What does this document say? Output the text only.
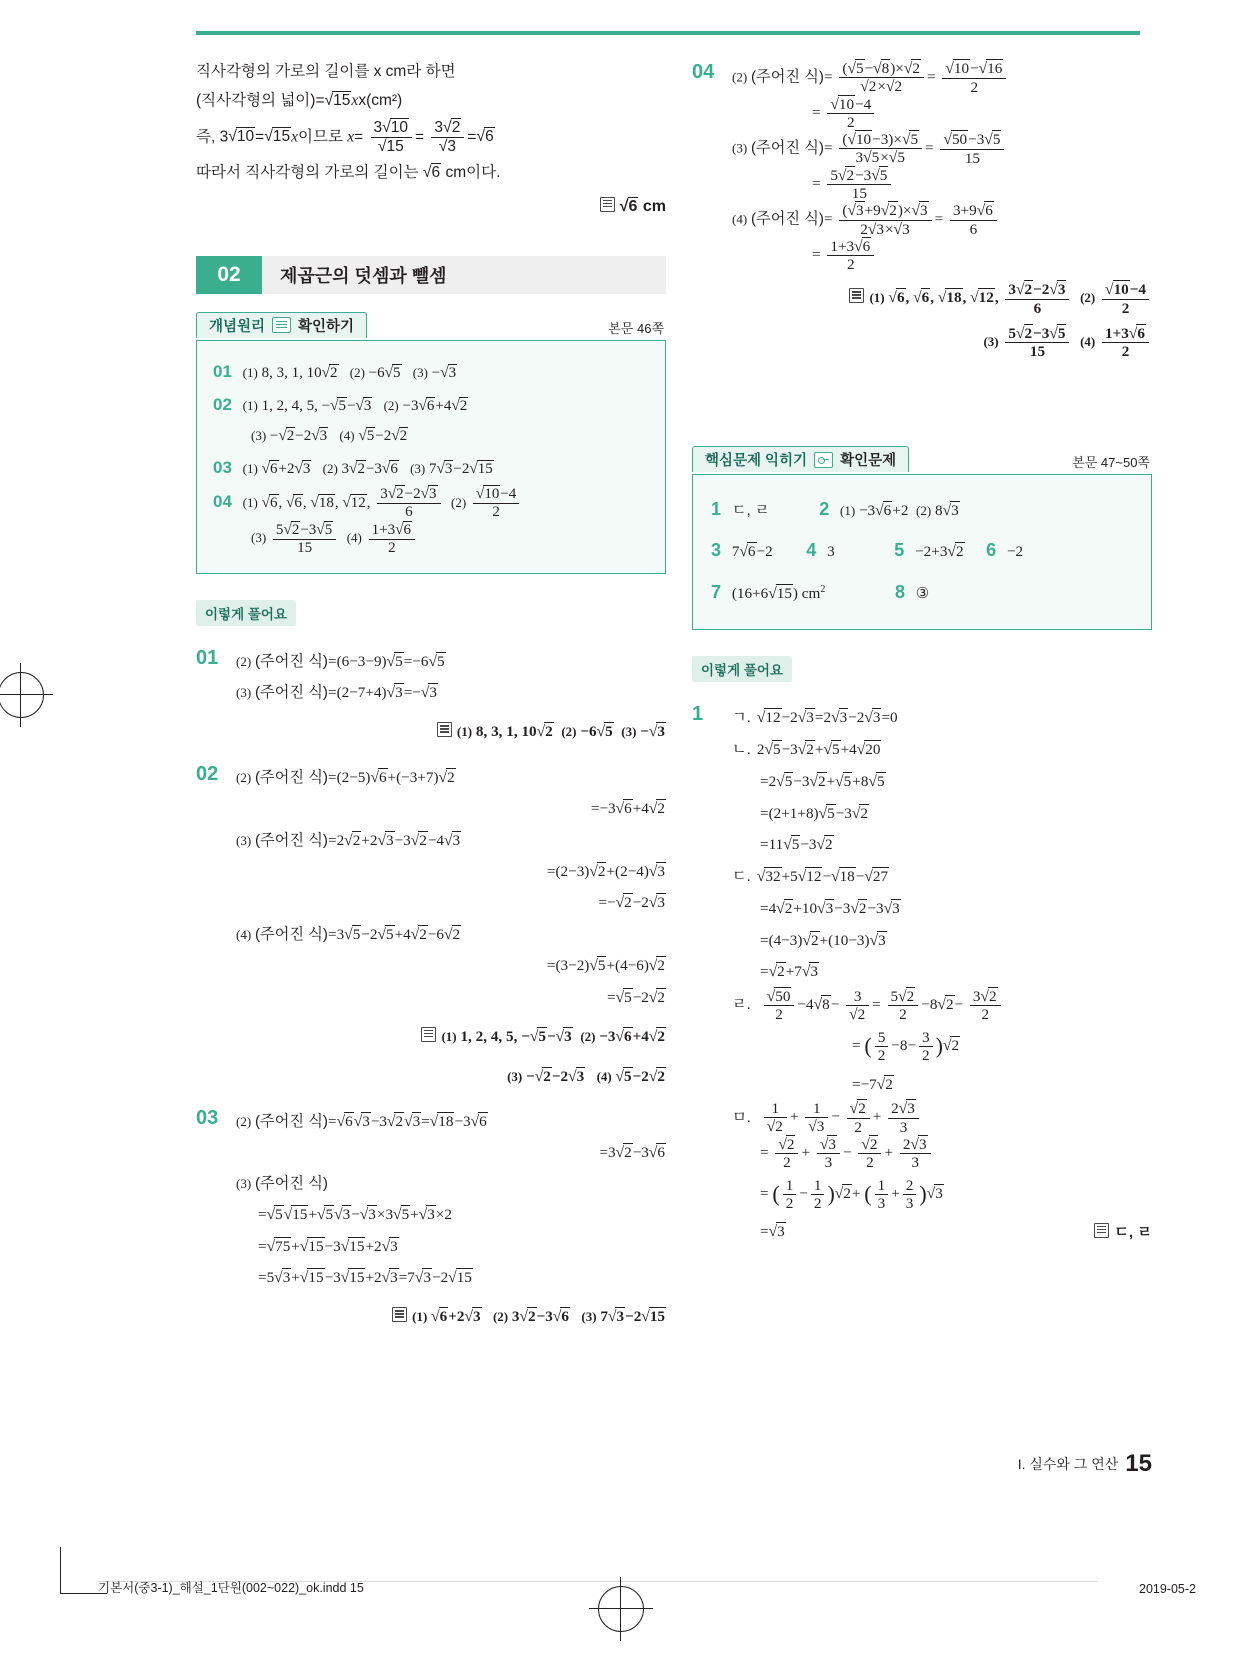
직사각형의 가로의 길이를 x cm라 하면
(직사각형의 넓이)=√15xx(cm²)
즉, 3√10=√15x이므로 $x= \frac{3√10}{√15} = \frac{3√2}{√3} =√6$
따라서 직사각형의 가로의 길이는 √6 cm이다.
√6 cm
02	제곱근의 덧셈과 뺄셈
개념원리 확인하기	본문 46쪽
01 (1) 8, 3, 1, 10√2 (2) −6√5 (3) −√3
02 (1) 1, 2, 4, 5, −√5−√3 (2) −3√6+4√2
(3) −√2−2√3 (4) √5−2√2
03 (1) √6+2√3 (2) 3√2−3√6 (3) 7√3−2√15
04 (1) √6, √6, √18, √12, $\frac{3√2-2√3}{6} (2) \frac{√10-4}{2}$
$(3) \frac{5√2-3√5}{15} (4) \frac{1+3√6}{2}$
이렇게 풀어요
01	(2) (주어진 식)=(6−3−9)√5=−6√5
(3) (주어진 식)=(2−7+4)√3=−√3
(1) 8, 3, 1, 10√2 (2) −6√5 (3) −√3
02	(2) (주어진 식)=(2−5)√6+(−3+7)√2
=−3√6+4√2
(3) (주어진 식)=2√2+2√3−3√2−4√3
=(2−3)√2+(2−4)√3
=−√2−2√3
(4) (주어진 식)=3√5−2√5+4√2−6√2
=(3−2)√5+(4−6)√2
=√5−2√2
(1) 1, 2, 4, 5, −√5−√3 (2) −3√6+4√2
(3) −√2−2√3 (4) √5−2√2
03	(2) (주어진 식)=√6√3−3√2√3=√18−3√6
=3√2−3√6
(3) (주어진 식)
=√5√15+√5√3−√3×3√5+√3×2
=√75+√15−3√15+2√3
=5√3+√15−3√15+2√3=7√3−2√15
(1) √6+2√3 (2) 3√2−3√6 (3) 7√3−2√15
04	(2) (주어진 식)= $\frac{(√5-√8)\times√2}{√2\times√2} = \frac{√10-√16}{2}$
= $\frac{√10-4}{2}$
(3) (주어진 식)= $\frac{(√10-3)\times√5}{3√5\times√5} = \frac{√50-3√5}{15}$
= $\frac{5√2-3√5}{15}$
(4) (주어진 식)= $\frac{(√3+9√2)\times√3}{2√3\times√3} = \frac{3+9√6}{6}$
= $\frac{1+3√6}{2}$
(1) √6, √6, √18, √12, $\frac{3√2-2√3}{6} (2) \frac{√10-4}{2}$
$(3) \frac{5√2-3√5}{15} (4) \frac{1+3√6}{2}$
핵심문제 익히기 확인문제	본문 47~50쪽
1 ㄷ, ㄹ	2 (1) −3√6+2  (2) 8√3
3 7√6−2  4 3	5 −2+3√2 6 −2
7 (16+6√15) $cm^2$	8 ③
이렇게 풀어요
1	ㄱ. √12−2√3=2√3−2√3=0
ㄴ. 2√5−3√2+√5+4√20
=2√5−3√2+√5+8√5
=(2+1+8)√5−3√2
=11√5−3√2
ㄷ. √32+5√12−√18−√27
=4√2+10√3−3√2−3√3
=(4−3)√2+(10−3)√3
=√2+7√3
ㄹ. $\frac{√50}{2} -4√8- \frac{3}{√2} = \frac{5√2}{2} -8√2- \frac{3√2}{2}$
= ( $\frac{5}{2} -8- \frac{3}{2} )√2$
=−7√2
ㅁ. $\frac{1}{√2} + \frac{1}{√3} - \frac{√2}{2} + \frac{2√3}{3}$
= $\frac{√2}{2} + \frac{√3}{3} - \frac{√2}{2} + \frac{2√3}{3}$
= ( $\frac{1}{2} - \frac{1}{2} )√2+$ ( $\frac{1}{3} + \frac{2}{3} )√3$
=√3	ㄷ, ㄹ
I. 실수와 그 연산 15
기본서(중3-1)_해설_1단원(002~022)_ok.indd 15	2019-05-2
